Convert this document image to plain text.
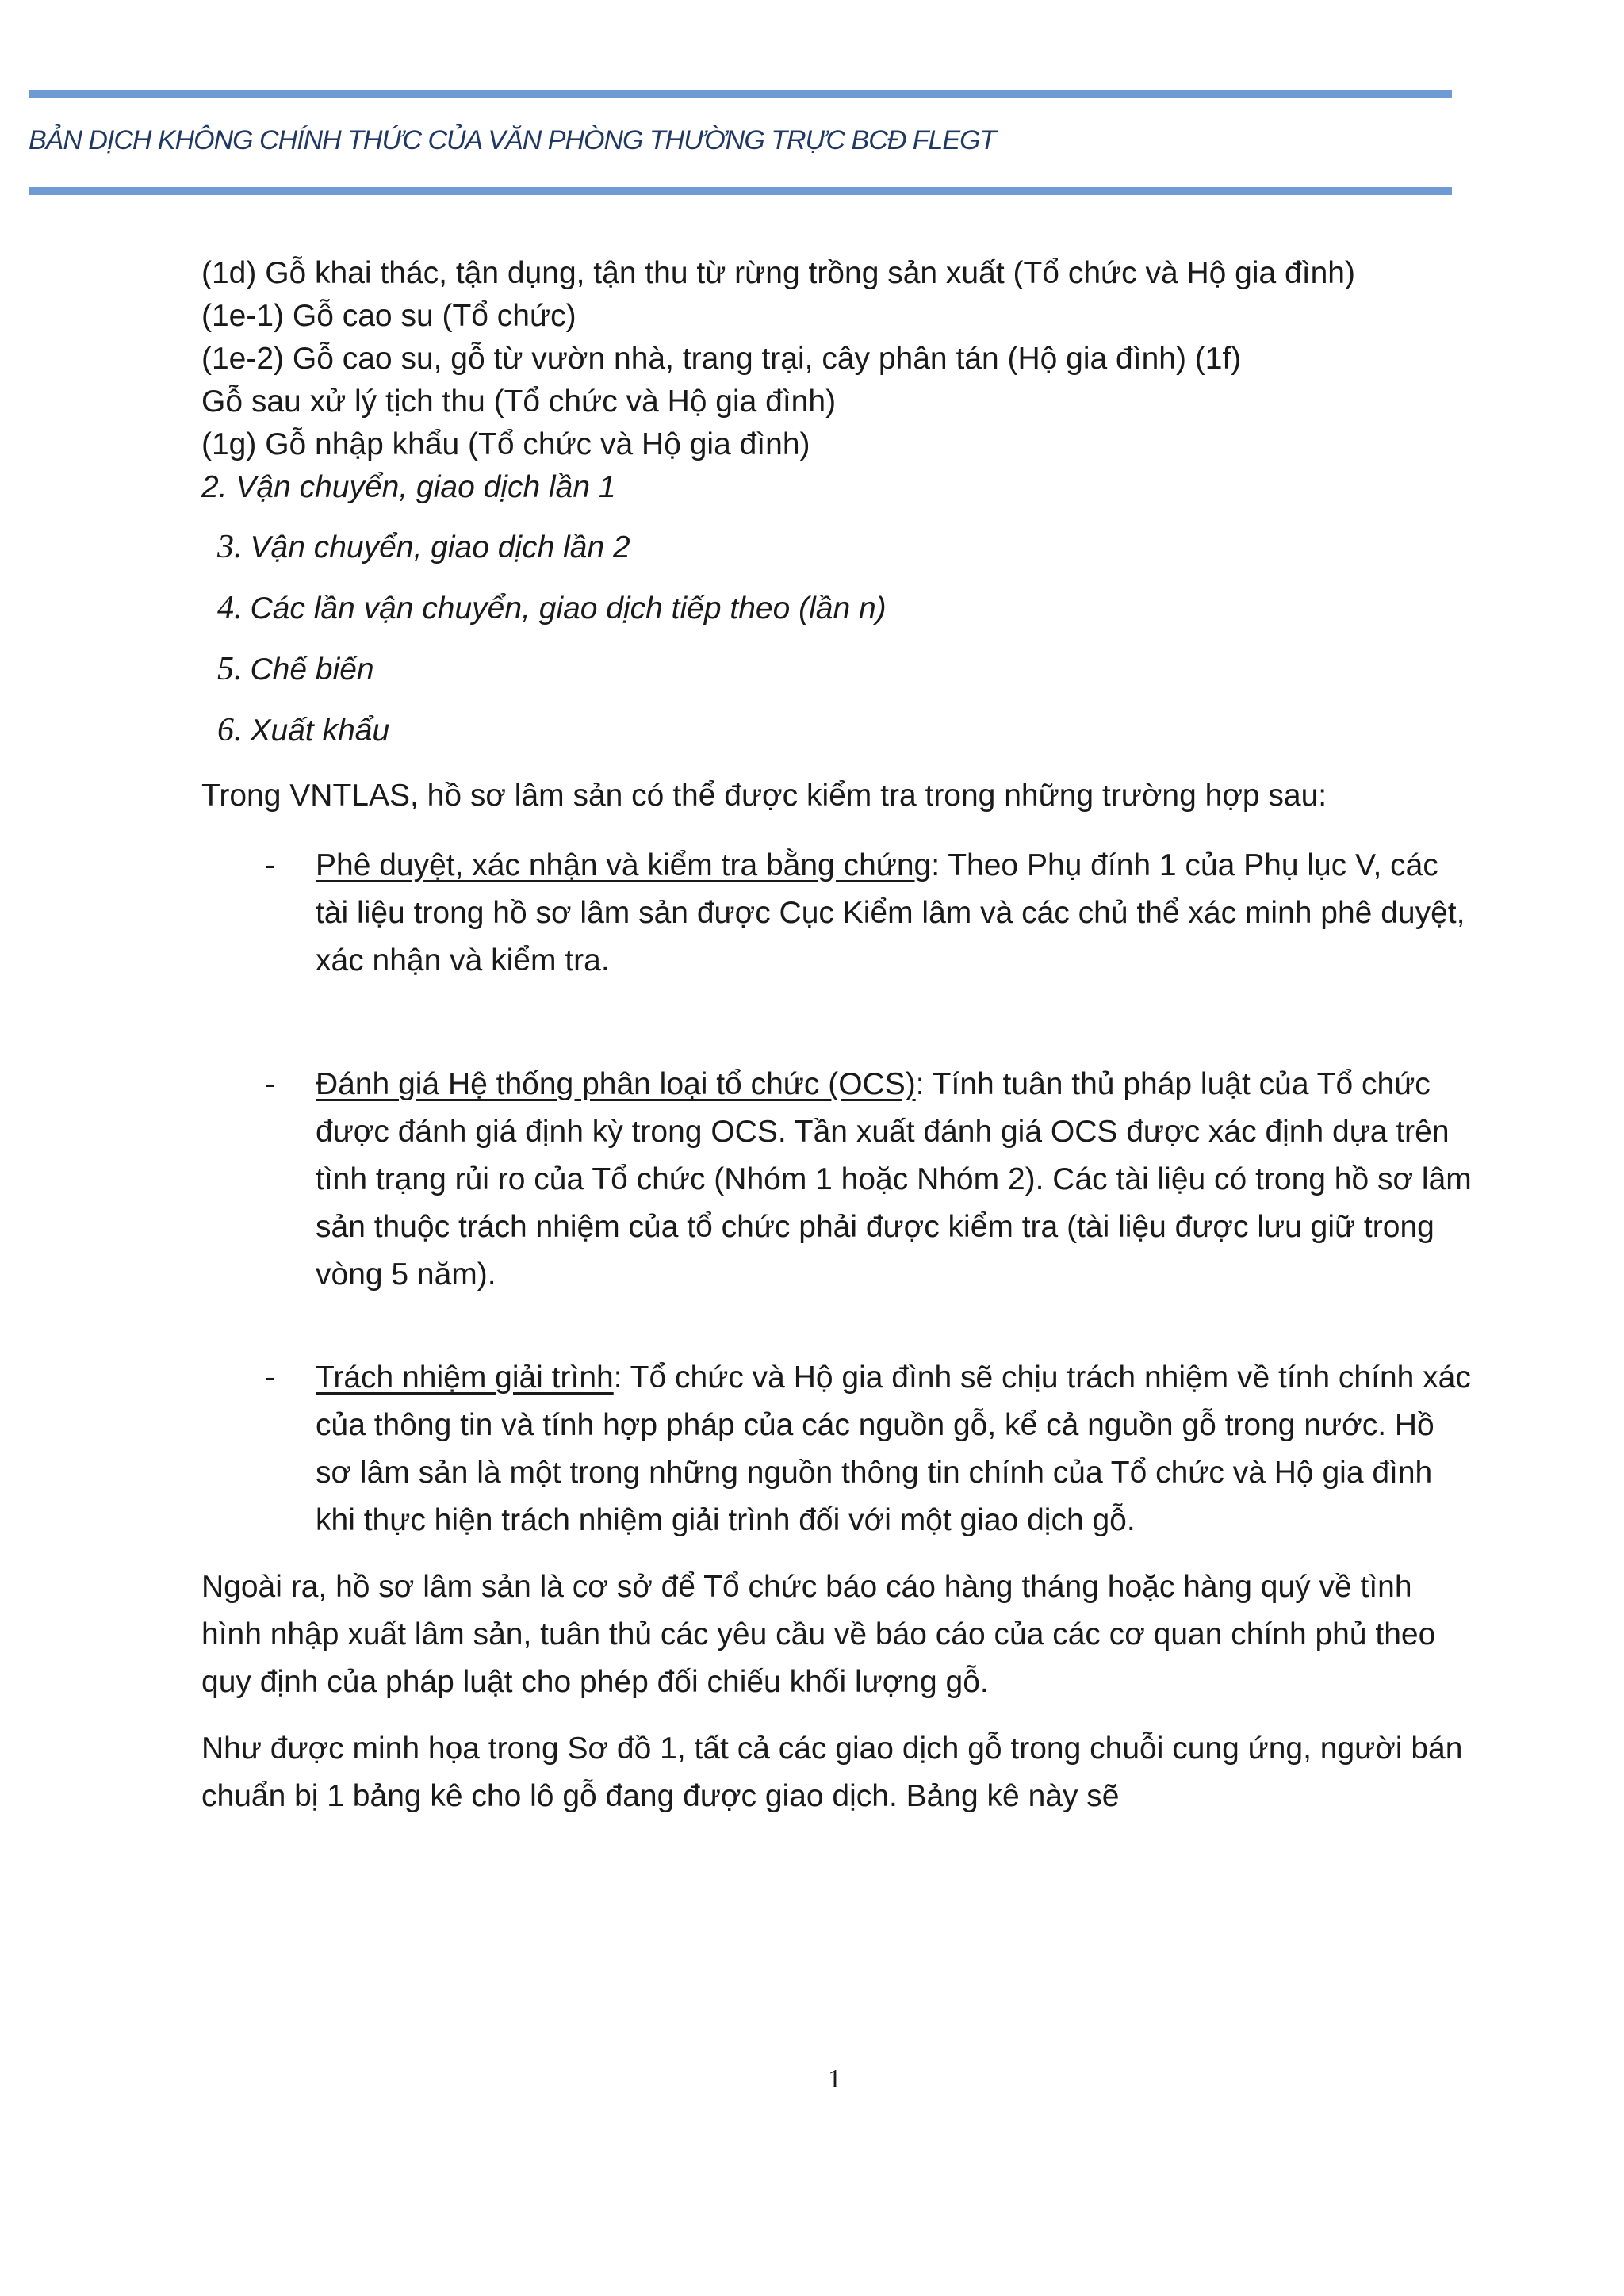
BẢN DỊCH KHÔNG CHÍNH THỨC CỦA VĂN PHÒNG THƯỜNG TRỰC BCĐ FLEGT
(1d) Gỗ khai thác, tận dụng, tận thu từ rừng trồng sản xuất (Tổ chức và Hộ gia đình)
(1e-1) Gỗ cao su (Tổ chức)
(1e-2) Gỗ cao su, gỗ từ vườn nhà, trang trại, cây phân tán (Hộ gia đình) (1f)
Gỗ sau xử lý tịch thu (Tổ chức và Hộ gia đình)
(1g) Gỗ nhập khẩu (Tổ chức và Hộ gia đình)
2. Vận chuyển, giao dịch lần 1
3. Vận chuyển, giao dịch lần 2
4. Các lần vận chuyển, giao dịch tiếp theo (lần n)
5. Chế biến
6. Xuất khẩu
Trong VNTLAS, hồ sơ lâm sản có thể được kiểm tra trong những trường hợp sau:
- Phê duyệt, xác nhận và kiểm tra bằng chứng: Theo Phụ đính 1 của Phụ lục V, các tài liệu trong hồ sơ lâm sản được Cục Kiểm lâm và các chủ thể xác minh phê duyệt, xác nhận và kiểm tra.
- Đánh giá Hệ thống phân loại tổ chức (OCS): Tính tuân thủ pháp luật của Tổ chức được đánh giá định kỳ trong OCS. Tần xuất đánh giá OCS được xác định dựa trên tình trạng rủi ro của Tổ chức (Nhóm 1 hoặc Nhóm 2). Các tài liệu có trong hồ sơ lâm sản thuộc trách nhiệm của tổ chức phải được kiểm tra (tài liệu được lưu giữ trong vòng 5 năm).
- Trách nhiệm giải trình: Tổ chức và Hộ gia đình sẽ chịu trách nhiệm về tính chính xác của thông tin và tính hợp pháp của các nguồn gỗ, kể cả nguồn gỗ trong nước. Hồ sơ lâm sản là một trong những nguồn thông tin chính của Tổ chức và Hộ gia đình khi thực hiện trách nhiệm giải trình đối với một giao dịch gỗ.
Ngoài ra, hồ sơ lâm sản là cơ sở để Tổ chức báo cáo hàng tháng hoặc hàng quý về tình hình nhập xuất lâm sản, tuân thủ các yêu cầu về báo cáo của các cơ quan chính phủ theo quy định của pháp luật cho phép đối chiếu khối lượng gỗ.
Như được minh họa trong Sơ đồ 1, tất cả các giao dịch gỗ trong chuỗi cung ứng, người bán chuẩn bị 1 bảng kê cho lô gỗ đang được giao dịch. Bảng kê này sẽ
1
